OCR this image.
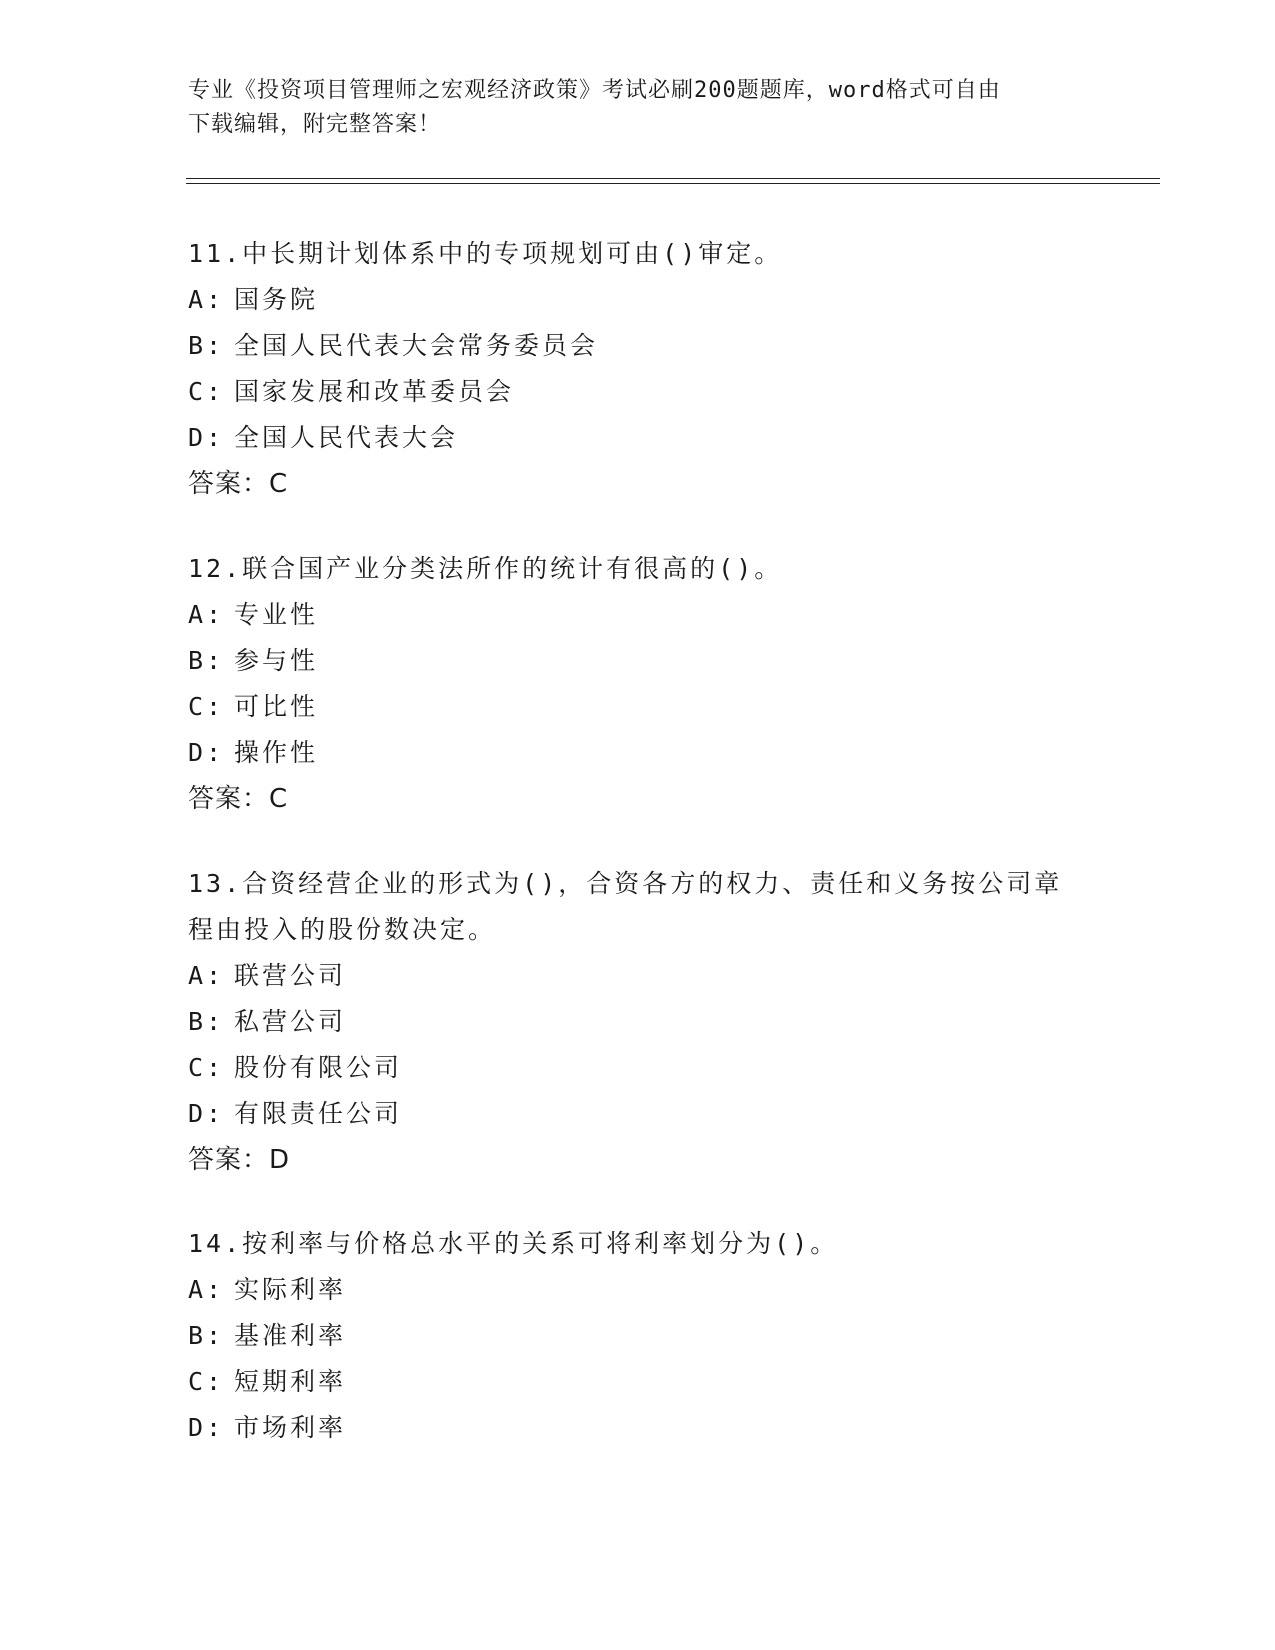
专业《投资项目管理师之宏观经济政策》考试必刷200题题库，word格式可自由
下载编辑，附完整答案！
11.中长期计划体系中的专项规划可由()审定。
A: 国务院
B: 全国人民代表大会常务委员会
C: 国家发展和改革委员会
D: 全国人民代表大会
答案：C
12.联合国产业分类法所作的统计有很高的()。
A: 专业性
B: 参与性
C: 可比性
D: 操作性
答案：C
13.合资经营企业的形式为()，合资各方的权力、责任和义务按公司章程由投入的股份数决定。
A: 联营公司
B: 私营公司
C: 股份有限公司
D: 有限责任公司
答案：D
14.按利率与价格总水平的关系可将利率划分为()。
A: 实际利率
B: 基准利率
C: 短期利率
D: 市场利率
